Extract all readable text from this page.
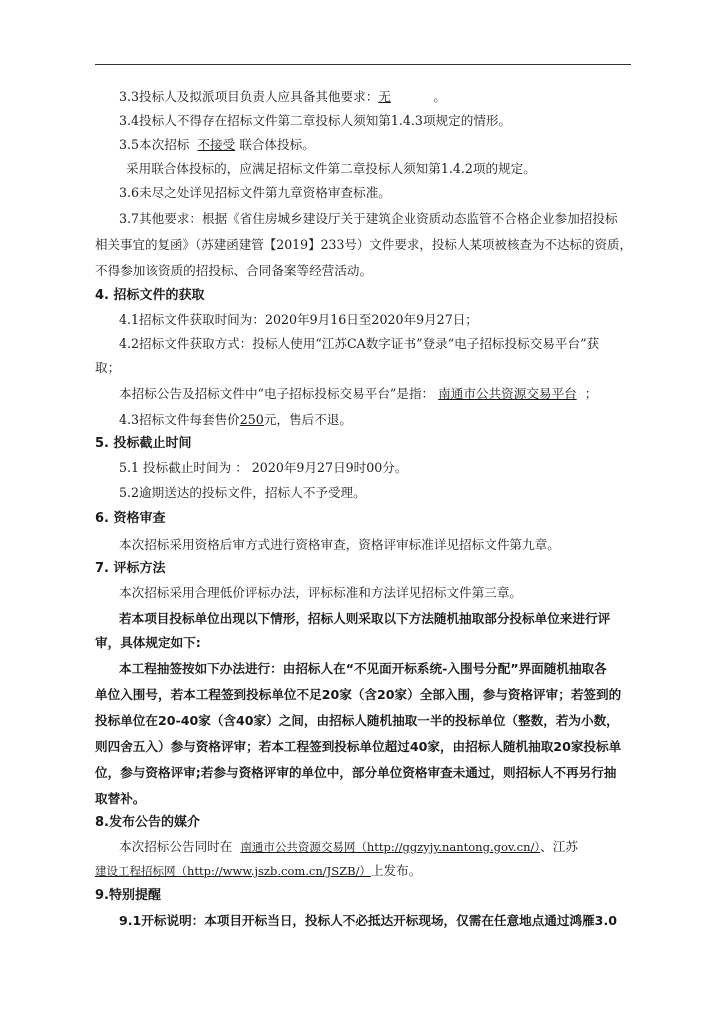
3.3投标人及拟派项目负责人应具备其他要求：无	。
3.4投标人不得存在招标文件第二章投标人须知第1.4.3项规定的情形。
3.5本次招标 不接受 联合体投标。
采用联合体投标的，应满足招标文件第二章投标人须知第1.4.2项的规定。
3.6未尽之处详见招标文件第九章资格审查标准。
3.7其他要求：根据《省住房城乡建设厅关于建筑企业资质动态监管不合格企业参加招投标
相关事宜的复函》（苏建函建管【2019】233号）文件要求，投标人某项被核查为不达标的资质，
不得参加该资质的招投标、合同备案等经营活动。
4. 招标文件的获取
4.1招标文件获取时间为：2020年9月16日至2020年9月27日；
4.2招标文件获取方式：投标人使用“江苏CA数字证书”登录“电子招标投标交易平台”获
取；
本招标公告及招标文件中“电子招标投标交易平台”是指： 南通市公共资源交易平台 ；
4.3招标文件每套售价250元，售后不退。
5. 投标截止时间
5.1 投标截止时间为 ： 2020年9月27日9时00分。
5.2逾期送达的投标文件，招标人不予受理。
6. 资格审查
本次招标采用资格后审方式进行资格审查，资格评审标准详见招标文件第九章。
7. 评标方法
本次招标采用合理低价评标办法，评标标准和方法详见招标文件第三章。
若本项目投标单位出现以下情形，招标人则采取以下方法随机抽取部分投标单位来进行评
审，具体规定如下:
本工程抽签按如下办法进行：由招标人在“不见面开标系统-入围号分配”界面随机抽取各
单位入围号，若本工程签到投标单位不足20家（含20家）全部入围，参与资格评审；若签到的
投标单位在20-40家（含40家）之间，由招标人随机抽取一半的投标单位（整数，若为小数，
则四舍五入）参与资格评审；若本工程签到投标单位超过40家，由招标人随机抽取20家投标单
位，参与资格评审;若参与资格评审的单位中，部分单位资格审查未通过，则招标人不再另行抽
取替补。
8.发布公告的媒介
本次招标公告同时在 南通市公共资源交易网（http://ggzyjy.nantong.gov.cn/）、江苏
建设工程招标网（http://www.jszb.com.cn/JSZB/）上发布。
9.特别提醒
9.1开标说明：本项目开标当日，投标人不必抵达开标现场，仅需在任意地点通过鸿雁3.0
